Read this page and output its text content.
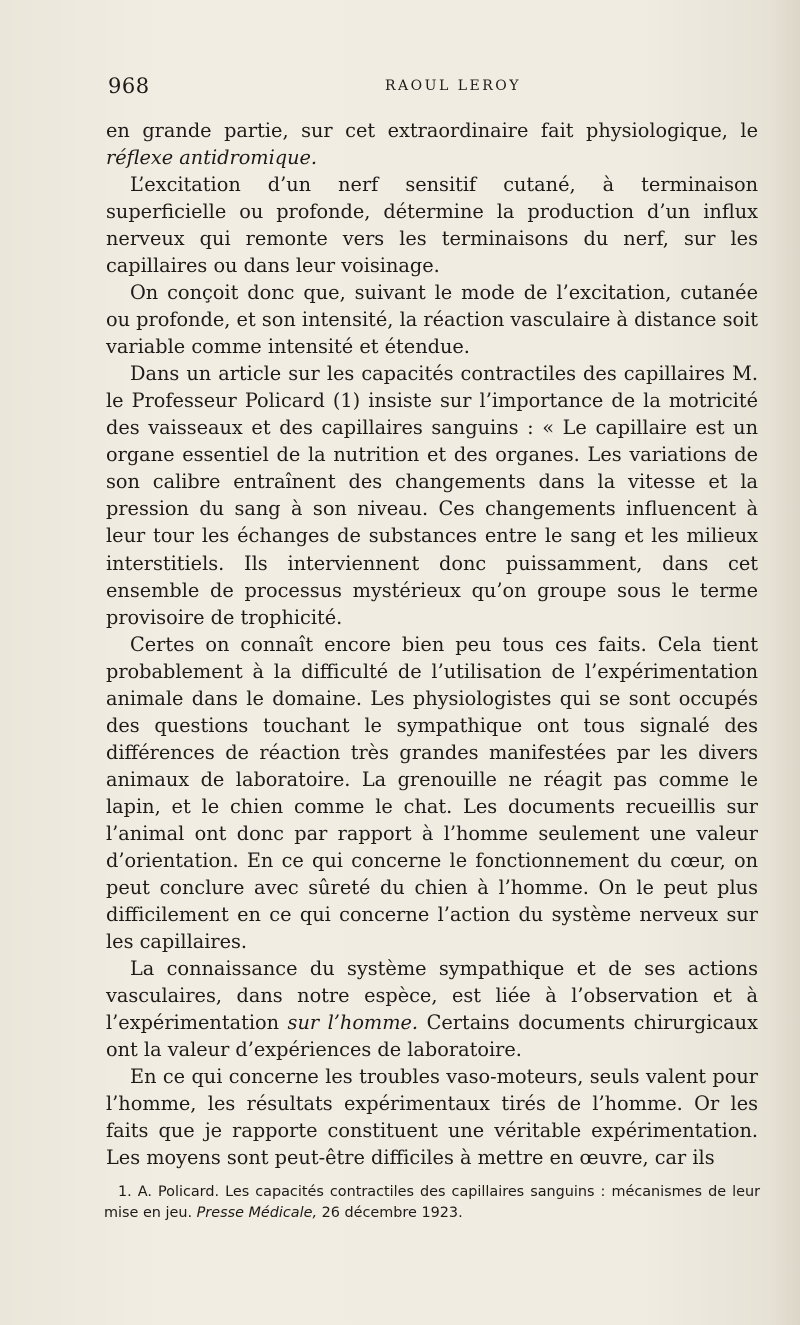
968	RAOUL LEROY

en grande partie, sur cet extraordinaire fait physiologique, le réflexe antidromique.

L’excitation d’un nerf sensitif cutané, à terminaison superficielle ou profonde, détermine la production d’un influx nerveux qui remonte vers les terminaisons du nerf, sur les capillaires ou dans leur voisinage.

On conçoit donc que, suivant le mode de l’excitation, cutanée ou profonde, et son intensité, la réaction vasculaire à distance soit variable comme intensité et étendue.

Dans un article sur les capacités contractiles des capillaires M. le Professeur Policard (1) insiste sur l’importance de la motricité des vaisseaux et des capillaires sanguins : « Le capillaire est un organe essentiel de la nutrition et des organes. Les variations de son calibre entraînent des changements dans la vitesse et la pression du sang à son niveau. Ces changements influencent à leur tour les échanges de substances entre le sang et les milieux interstitiels. Ils interviennent donc puissamment, dans cet ensemble de processus mystérieux qu’on groupe sous le terme provisoire de trophicité.

Certes on connaît encore bien peu tous ces faits. Cela tient probablement à la difficulté de l’utilisation de l’expérimentation animale dans le domaine. Les physiologistes qui se sont occupés des questions touchant le sympathique ont tous signalé des différences de réaction très grandes manifestées par les divers animaux de laboratoire. La grenouille ne réagit pas comme le lapin, et le chien comme le chat. Les documents recueillis sur l’animal ont donc par rapport à l’homme seulement une valeur d’orientation. En ce qui concerne le fonctionnement du cœur, on peut conclure avec sûreté du chien à l’homme. On le peut plus difficilement en ce qui concerne l’action du système nerveux sur les capillaires.

La connaissance du système sympathique et de ses actions vasculaires, dans notre espèce, est liée à l’observation et à l’expérimentation sur l’homme. Certains documents chirurgicaux ont la valeur d’expériences de laboratoire.

En ce qui concerne les troubles vaso-moteurs, seuls valent pour l’homme, les résultats expérimentaux tirés de l’homme. Or les faits que je rapporte constituent une véritable expérimentation. Les moyens sont peut-être difficiles à mettre en œuvre, car ils

1. A. Policard. Les capacités contractiles des capillaires sanguins : mécanismes de leur mise en jeu. Presse Médicale, 26 décembre 1923.
